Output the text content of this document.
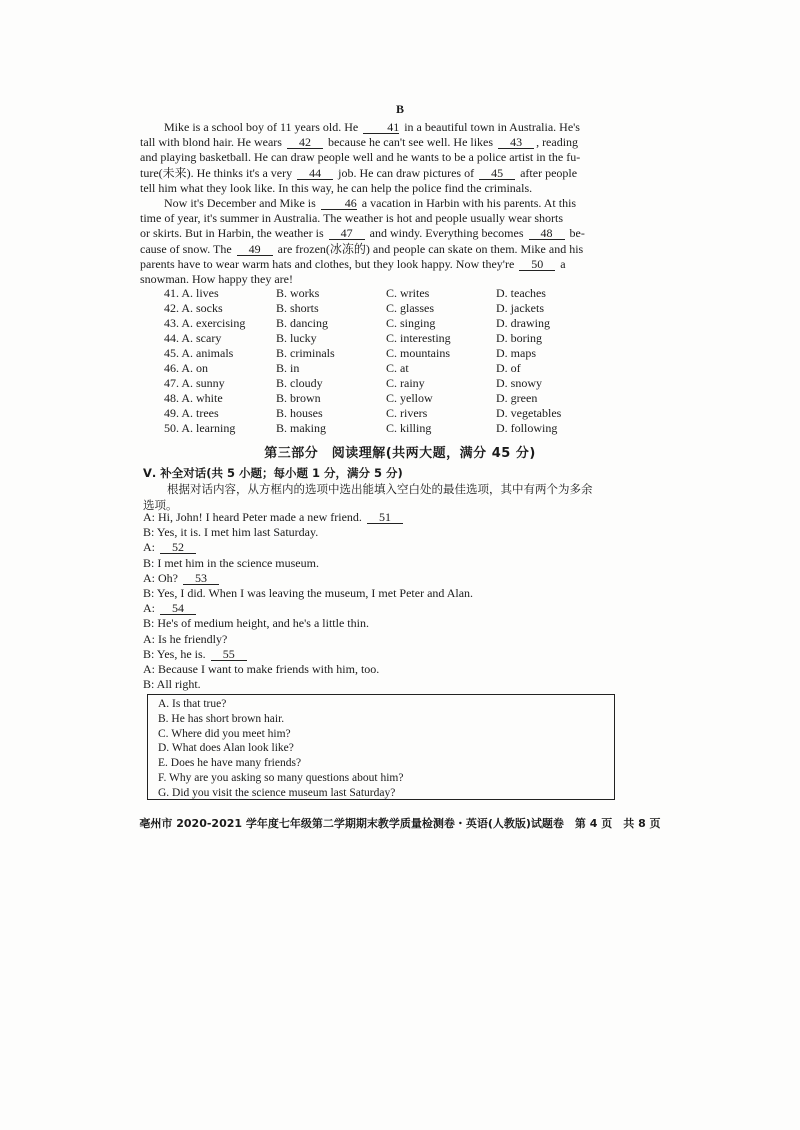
B
Mike is a school boy of 11 years old. He 41 in a beautiful town in Australia. He's
tall with blond hair. He wears 42 because he can't see well. He likes 43 , reading
and playing basketball. He can draw people well and he wants to be a police artist in the fu-
ture(未来). He thinks it's a very 44 job. He can draw pictures of 45 after people
tell him what they look like. In this way, he can help the police find the criminals.
Now it's December and Mike is 46 a vacation in Harbin with his parents. At this
time of year, it's summer in Australia. The weather is hot and people usually wear shorts
or skirts. But in Harbin, the weather is 47 and windy. Everything becomes 48 be-
cause of snow. The 49 are frozen(冰冻的) and people can skate on them. Mike and his
parents have to wear warm hats and clothes, but they look happy. Now they're 50 a
snowman. How happy they are!
41. A. lives	B. works	C. writes	D. teaches
42. A. socks	B. shorts	C. glasses	D. jackets
43. A. exercising	B. dancing	C. singing	D. drawing
44. A. scary	B. lucky	C. interesting	D. boring
45. A. animals	B. criminals	C. mountains	D. maps
46. A. on	B. in	C. at	D. of
47. A. sunny	B. cloudy	C. rainy	D. snowy
48. A. white	B. brown	C. yellow	D. green
49. A. trees	B. houses	C. rivers	D. vegetables
50. A. learning	B. making	C. killing	D. following
第三部分　阅读理解(共两大题，满分 45 分)
Ⅴ. 补全对话(共 5 小题；每小题 1 分，满分 5 分)
根据对话内容，从方框内的选项中选出能填入空白处的最佳选项，其中有两个为多余
选项。
A: Hi, John! I heard Peter made a new friend. 51
B: Yes, it is. I met him last Saturday.
A: 52
B: I met him in the science museum.
A: Oh? 53
B: Yes, I did. When I was leaving the museum, I met Peter and Alan.
A: 54
B: He's of medium height, and he's a little thin.
A: Is he friendly?
B: Yes, he is. 55
A: Because I want to make friends with him, too.
B: All right.
A. Is that true?
B. He has short brown hair.
C. Where did you meet him?
D. What does Alan look like?
E. Does he have many friends?
F. Why are you asking so many questions about him?
G. Did you visit the science museum last Saturday?
亳州市 2020-2021 学年度七年级第二学期期末教学质量检测卷・英语(人教版)试题卷　第 4 页　共 8 页
